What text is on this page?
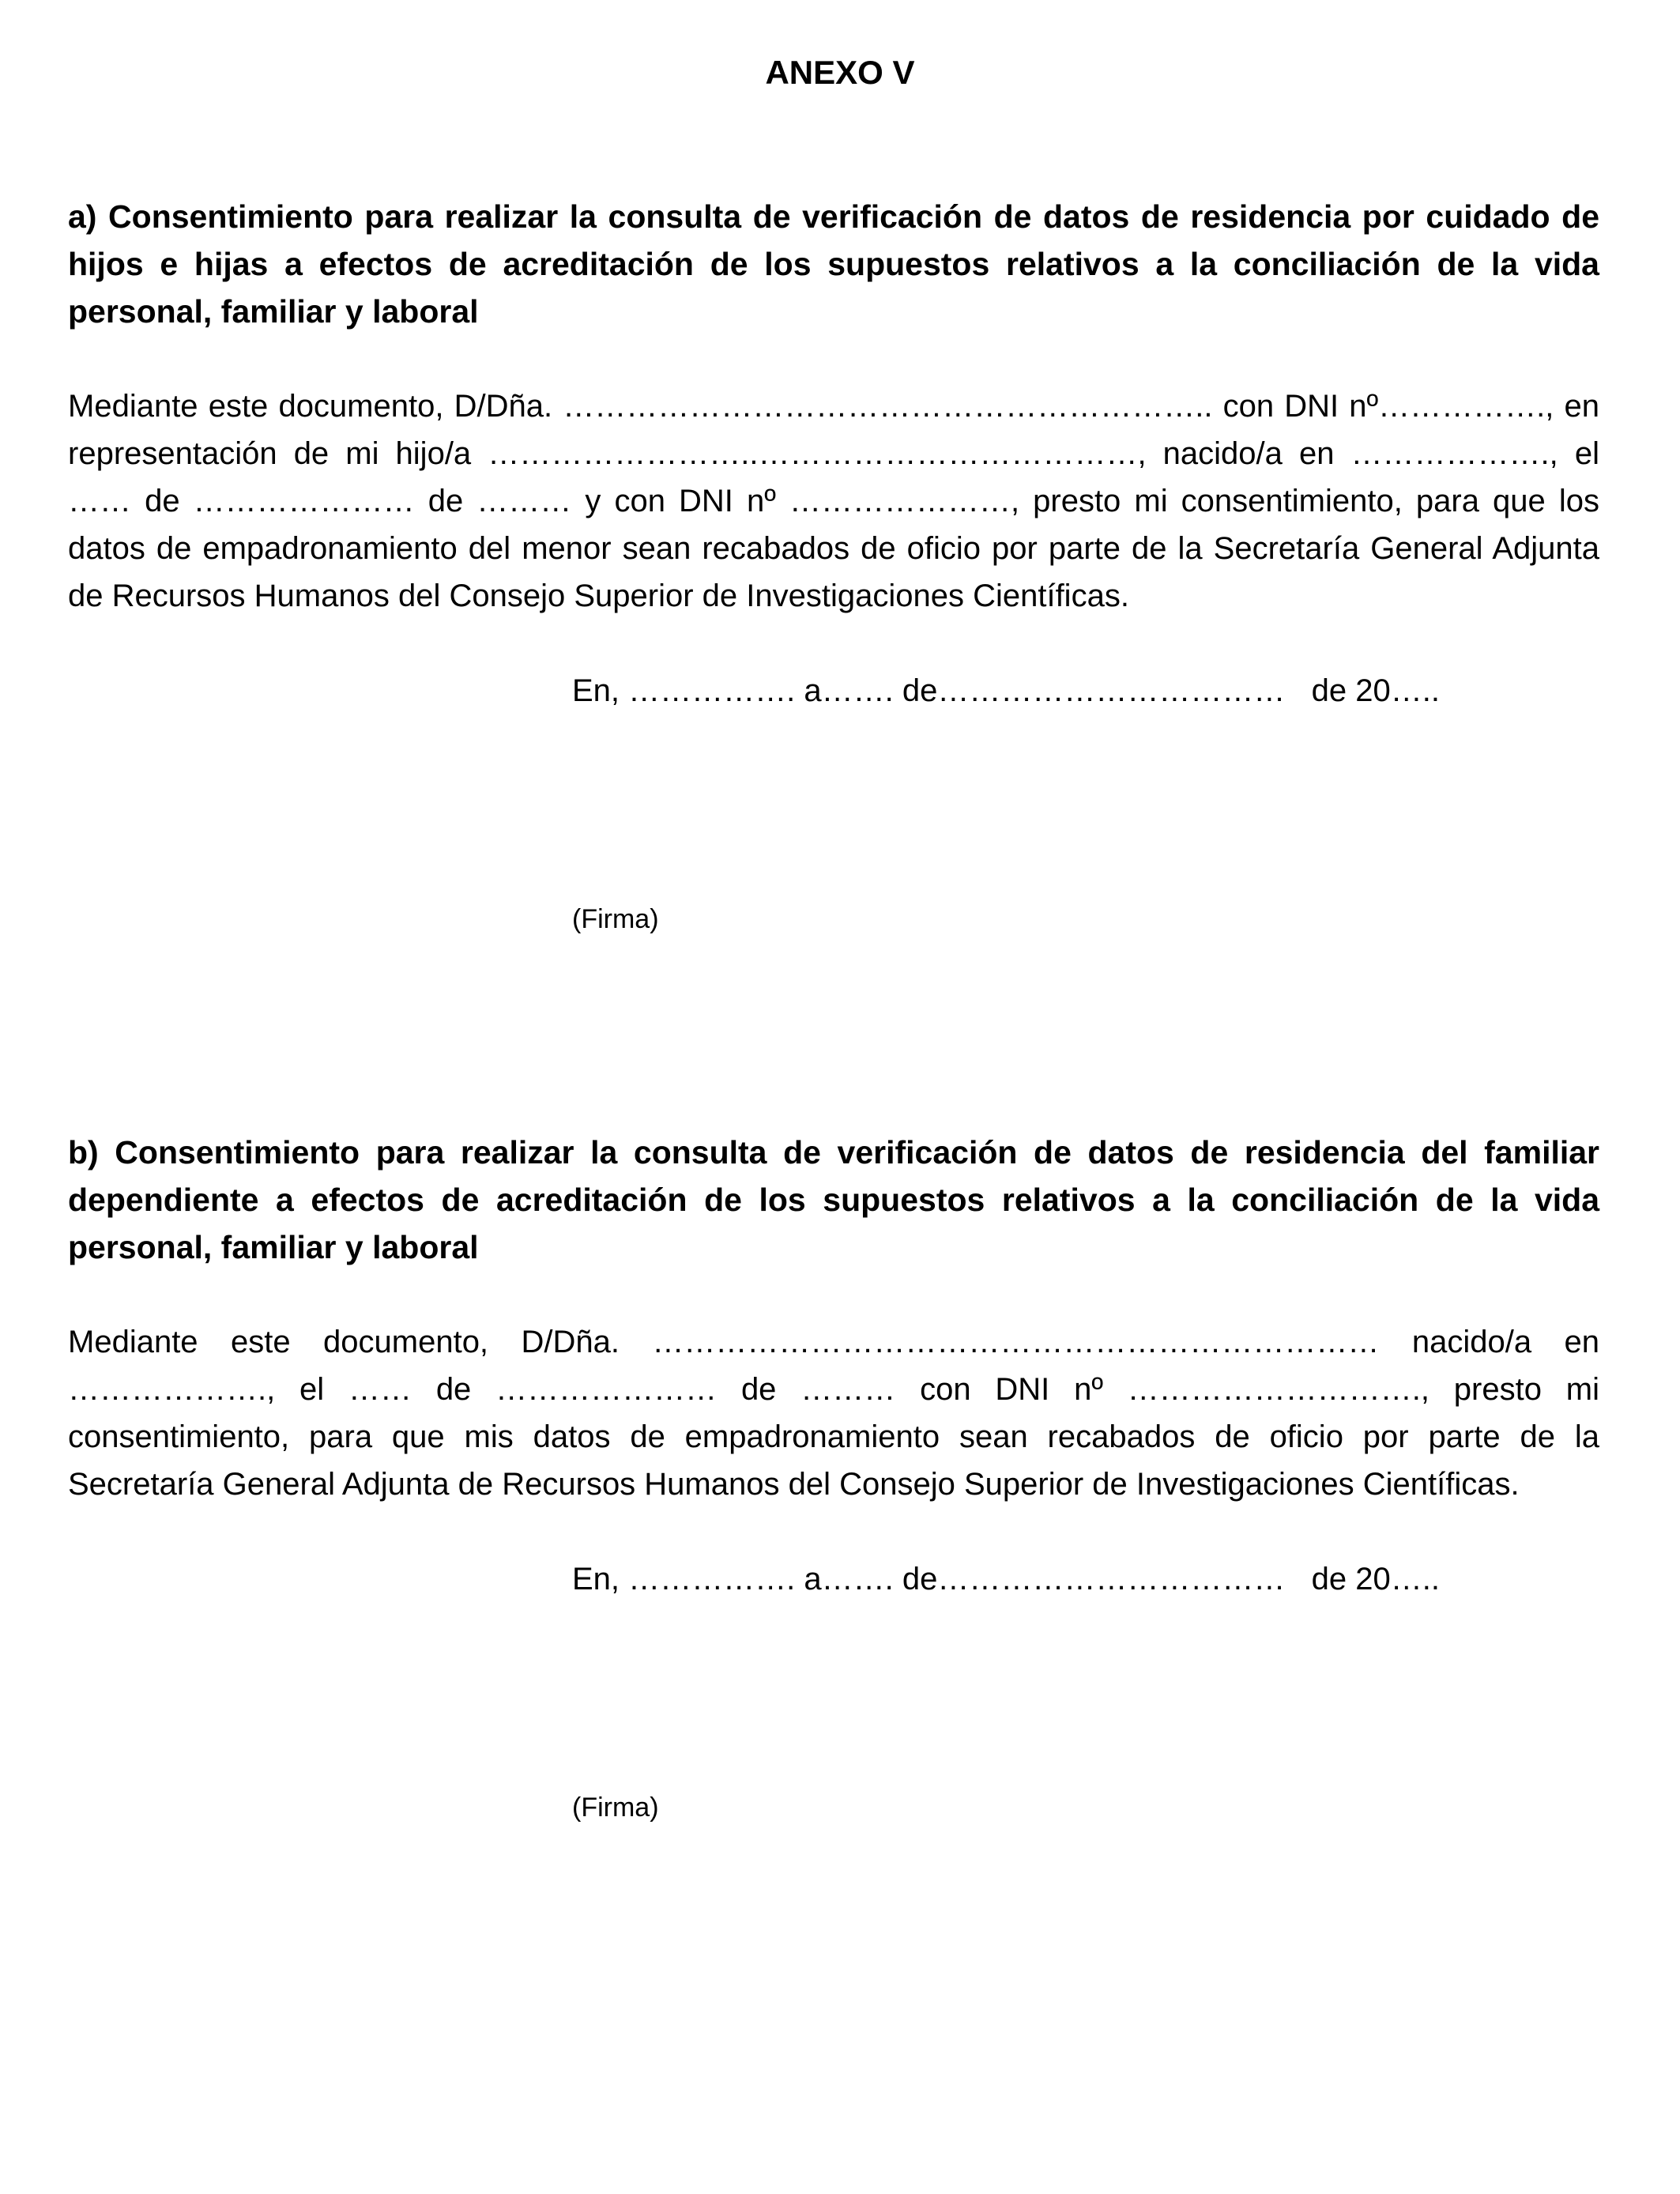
ANEXO V

a) Consentimiento para realizar la consulta de verificación de datos de residencia por cuidado de hijos e hijas a efectos de acreditación de los supuestos relativos a la conciliación de la vida personal, familiar y laboral

Mediante este documento, D/Dña. …………………………………………………….. con DNI nº……………., en representación de mi hijo/a ……………………..………………………………, nacido/a en ………………., el …… de ………………… de ……… y con DNI nº …………………, presto mi consentimiento, para que los datos de empadronamiento del menor sean recabados de oficio por parte de la Secretaría General Adjunta de Recursos Humanos del Consejo Superior de Investigaciones Científicas.

En, ……………. a……. de……………………………   de 20…..

(Firma)

b) Consentimiento para realizar la consulta de verificación de datos de residencia del familiar dependiente a efectos de acreditación de los supuestos relativos a la conciliación de la vida personal, familiar y laboral

Mediante este documento, D/Dña. …………………………………………………………… nacido/a en ………………., el …… de ………………… de ……… con DNI nº ………………………., presto mi consentimiento, para que mis datos de empadronamiento sean recabados de oficio por parte de la Secretaría General Adjunta de Recursos Humanos del Consejo Superior de Investigaciones Científicas.

En, ……………. a……. de……………………………   de 20…..

(Firma)
